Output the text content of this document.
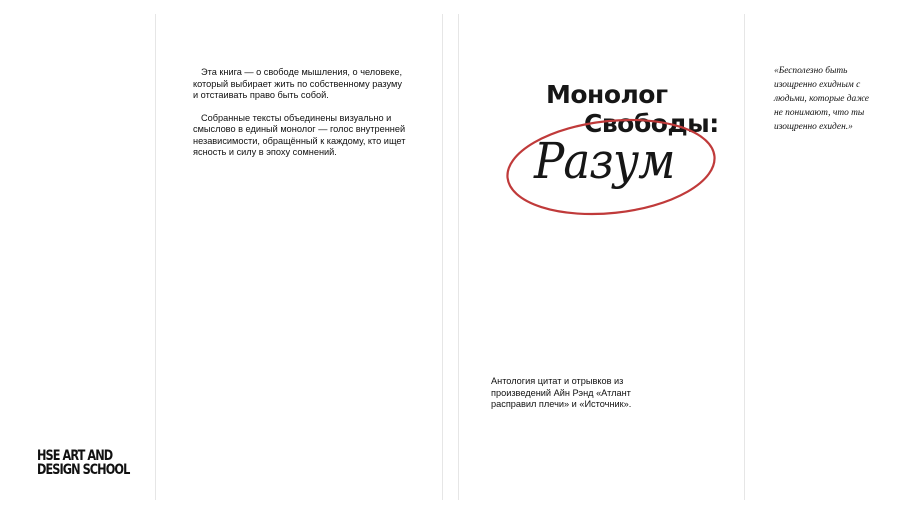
Эта книга — о свободе мышления, о человеке, который выбирает жить по собственному разуму и отстаивать право быть собой.

Собранные тексты объединены визуально и смыслово в единый монолог — голос внутренней независимости, обращённый к каждому, кто ищет ясность и силу в эпоху сомнений.

Монолог
Свободы:
Разум
«Бесполезно быть изощренно ехидным с людьми, которые даже не понимают, что ты изощренно ехиден.»
Антология цитат и отрывков из произведений Айн Рэнд «Атлант расправил плечи» и «Источник».
HSE ART AND
DESIGN SCHOOL
